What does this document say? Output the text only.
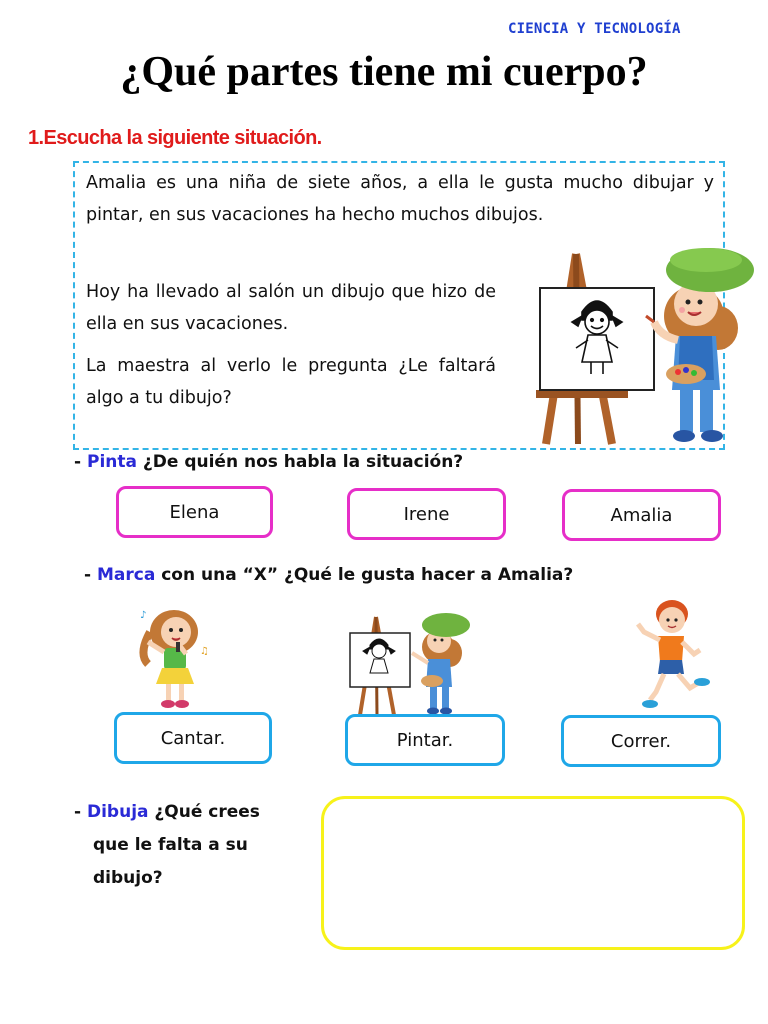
CIENCIA Y TECNOLOGÍA
¿Qué partes tiene mi cuerpo?
1.Escucha la siguiente situación.
Amalia es una niña de siete años, a ella le gusta mucho dibujar y pintar, en sus vacaciones ha hecho muchos dibujos.
Hoy ha llevado al salón un dibujo que hizo de ella en sus vacaciones.
La maestra al verlo le pregunta ¿Le faltará algo a tu dibujo?
- Pinta ¿De quién nos habla la situación?
Elena	Irene	Amalia
- Marca con una “X” ¿Qué le gusta hacer a Amalia?
♪
♫
Cantar.	Pintar.	Correr.
- Dibuja ¿Qué crees
que le falta a su
dibujo?
